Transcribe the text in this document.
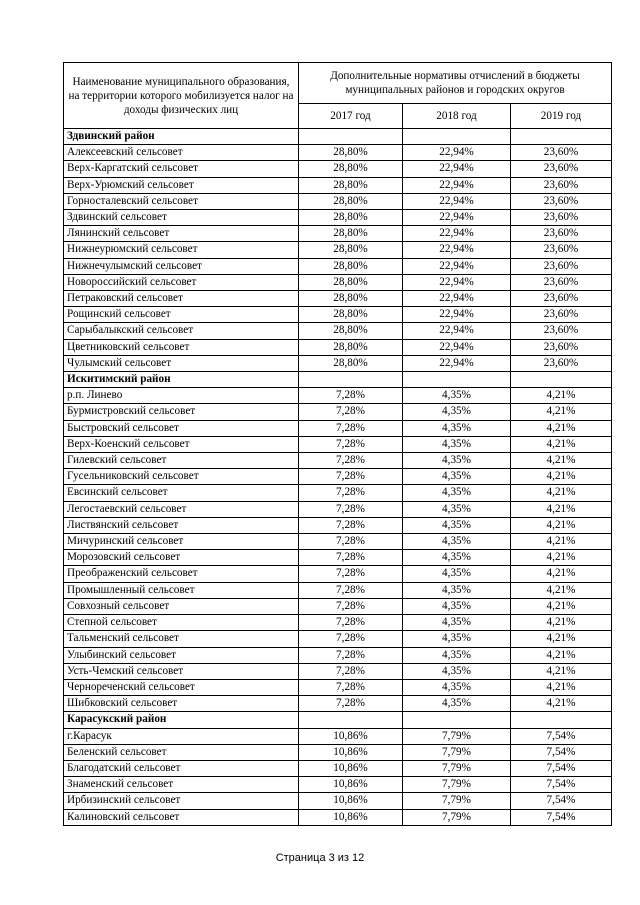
Наименование муниципального образования, на территории которого мобилизуется налог на доходы физических лиц	Дополнительные нормативы отчислений в бюджеты муниципальных районов и городских округов		
	2017 год	2018 год	2019 год
Здвинский район			
Алексеевский сельсовет	28,80%	22,94%	23,60%
Верх-Каргатский сельсовет	28,80%	22,94%	23,60%
Верх-Урюмский сельсовет	28,80%	22,94%	23,60%
Горносталевский сельсовет	28,80%	22,94%	23,60%
Здвинский сельсовет	28,80%	22,94%	23,60%
Лянинский сельсовет	28,80%	22,94%	23,60%
Нижнеурюмский сельсовет	28,80%	22,94%	23,60%
Нижнечулымский сельсовет	28,80%	22,94%	23,60%
Новороссийский сельсовет	28,80%	22,94%	23,60%
Петраковский сельсовет	28,80%	22,94%	23,60%
Рощинский сельсовет	28,80%	22,94%	23,60%
Сарыбалыкский сельсовет	28,80%	22,94%	23,60%
Цветниковский сельсовет	28,80%	22,94%	23,60%
Чулымский сельсовет	28,80%	22,94%	23,60%
Искитимский район			
р.п. Линево	7,28%	4,35%	4,21%
Бурмистровский сельсовет	7,28%	4,35%	4,21%
Быстровский сельсовет	7,28%	4,35%	4,21%
Верх-Коенский сельсовет	7,28%	4,35%	4,21%
Гилевский сельсовет	7,28%	4,35%	4,21%
Гусельниковский сельсовет	7,28%	4,35%	4,21%
Евсинский сельсовет	7,28%	4,35%	4,21%
Легостаевский сельсовет	7,28%	4,35%	4,21%
Листвянский сельсовет	7,28%	4,35%	4,21%
Мичуринский сельсовет	7,28%	4,35%	4,21%
Морозовский сельсовет	7,28%	4,35%	4,21%
Преображенский сельсовет	7,28%	4,35%	4,21%
Промышленный сельсовет	7,28%	4,35%	4,21%
Совхозный сельсовет	7,28%	4,35%	4,21%
Степной сельсовет	7,28%	4,35%	4,21%
Тальменский сельсовет	7,28%	4,35%	4,21%
Улыбинский сельсовет	7,28%	4,35%	4,21%
Усть-Чемский сельсовет	7,28%	4,35%	4,21%
Чернореченский сельсовет	7,28%	4,35%	4,21%
Шибковский сельсовет	7,28%	4,35%	4,21%
Карасукский район			
г.Карасук	10,86%	7,79%	7,54%
Беленский сельсовет	10,86%	7,79%	7,54%
Благодатский сельсовет	10,86%	7,79%	7,54%
Знаменский сельсовет	10,86%	7,79%	7,54%
Ирбизинский сельсовет	10,86%	7,79%	7,54%
Калиновский сельсовет	10,86%	7,79%	7,54%
Страница 3 из 12
